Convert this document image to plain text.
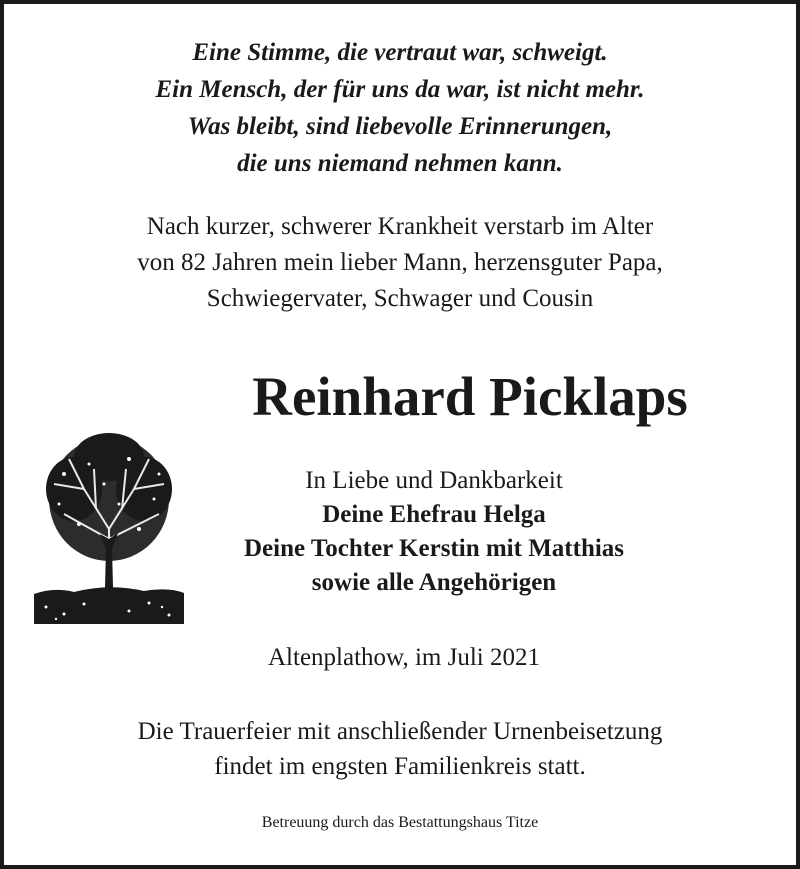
Eine Stimme, die vertraut war, schweigt.
Ein Mensch, der für uns da war, ist nicht mehr.
Was bleibt, sind liebevolle Erinnerungen,
die uns niemand nehmen kann.
Nach kurzer, schwerer Krankheit verstarb im Alter
von 82 Jahren mein lieber Mann, herzensguter Papa,
Schwiegervater, Schwager und Cousin
Reinhard Picklaps
In Liebe und Dankbarkeit
Deine Ehefrau Helga
Deine Tochter Kerstin mit Matthias
sowie alle Angehörigen
Altenplathow, im Juli 2021
Die Trauerfeier mit anschließender Urnenbeisetzung
findet im engsten Familienkreis statt.
Betreuung durch das Bestattungshaus Titze
